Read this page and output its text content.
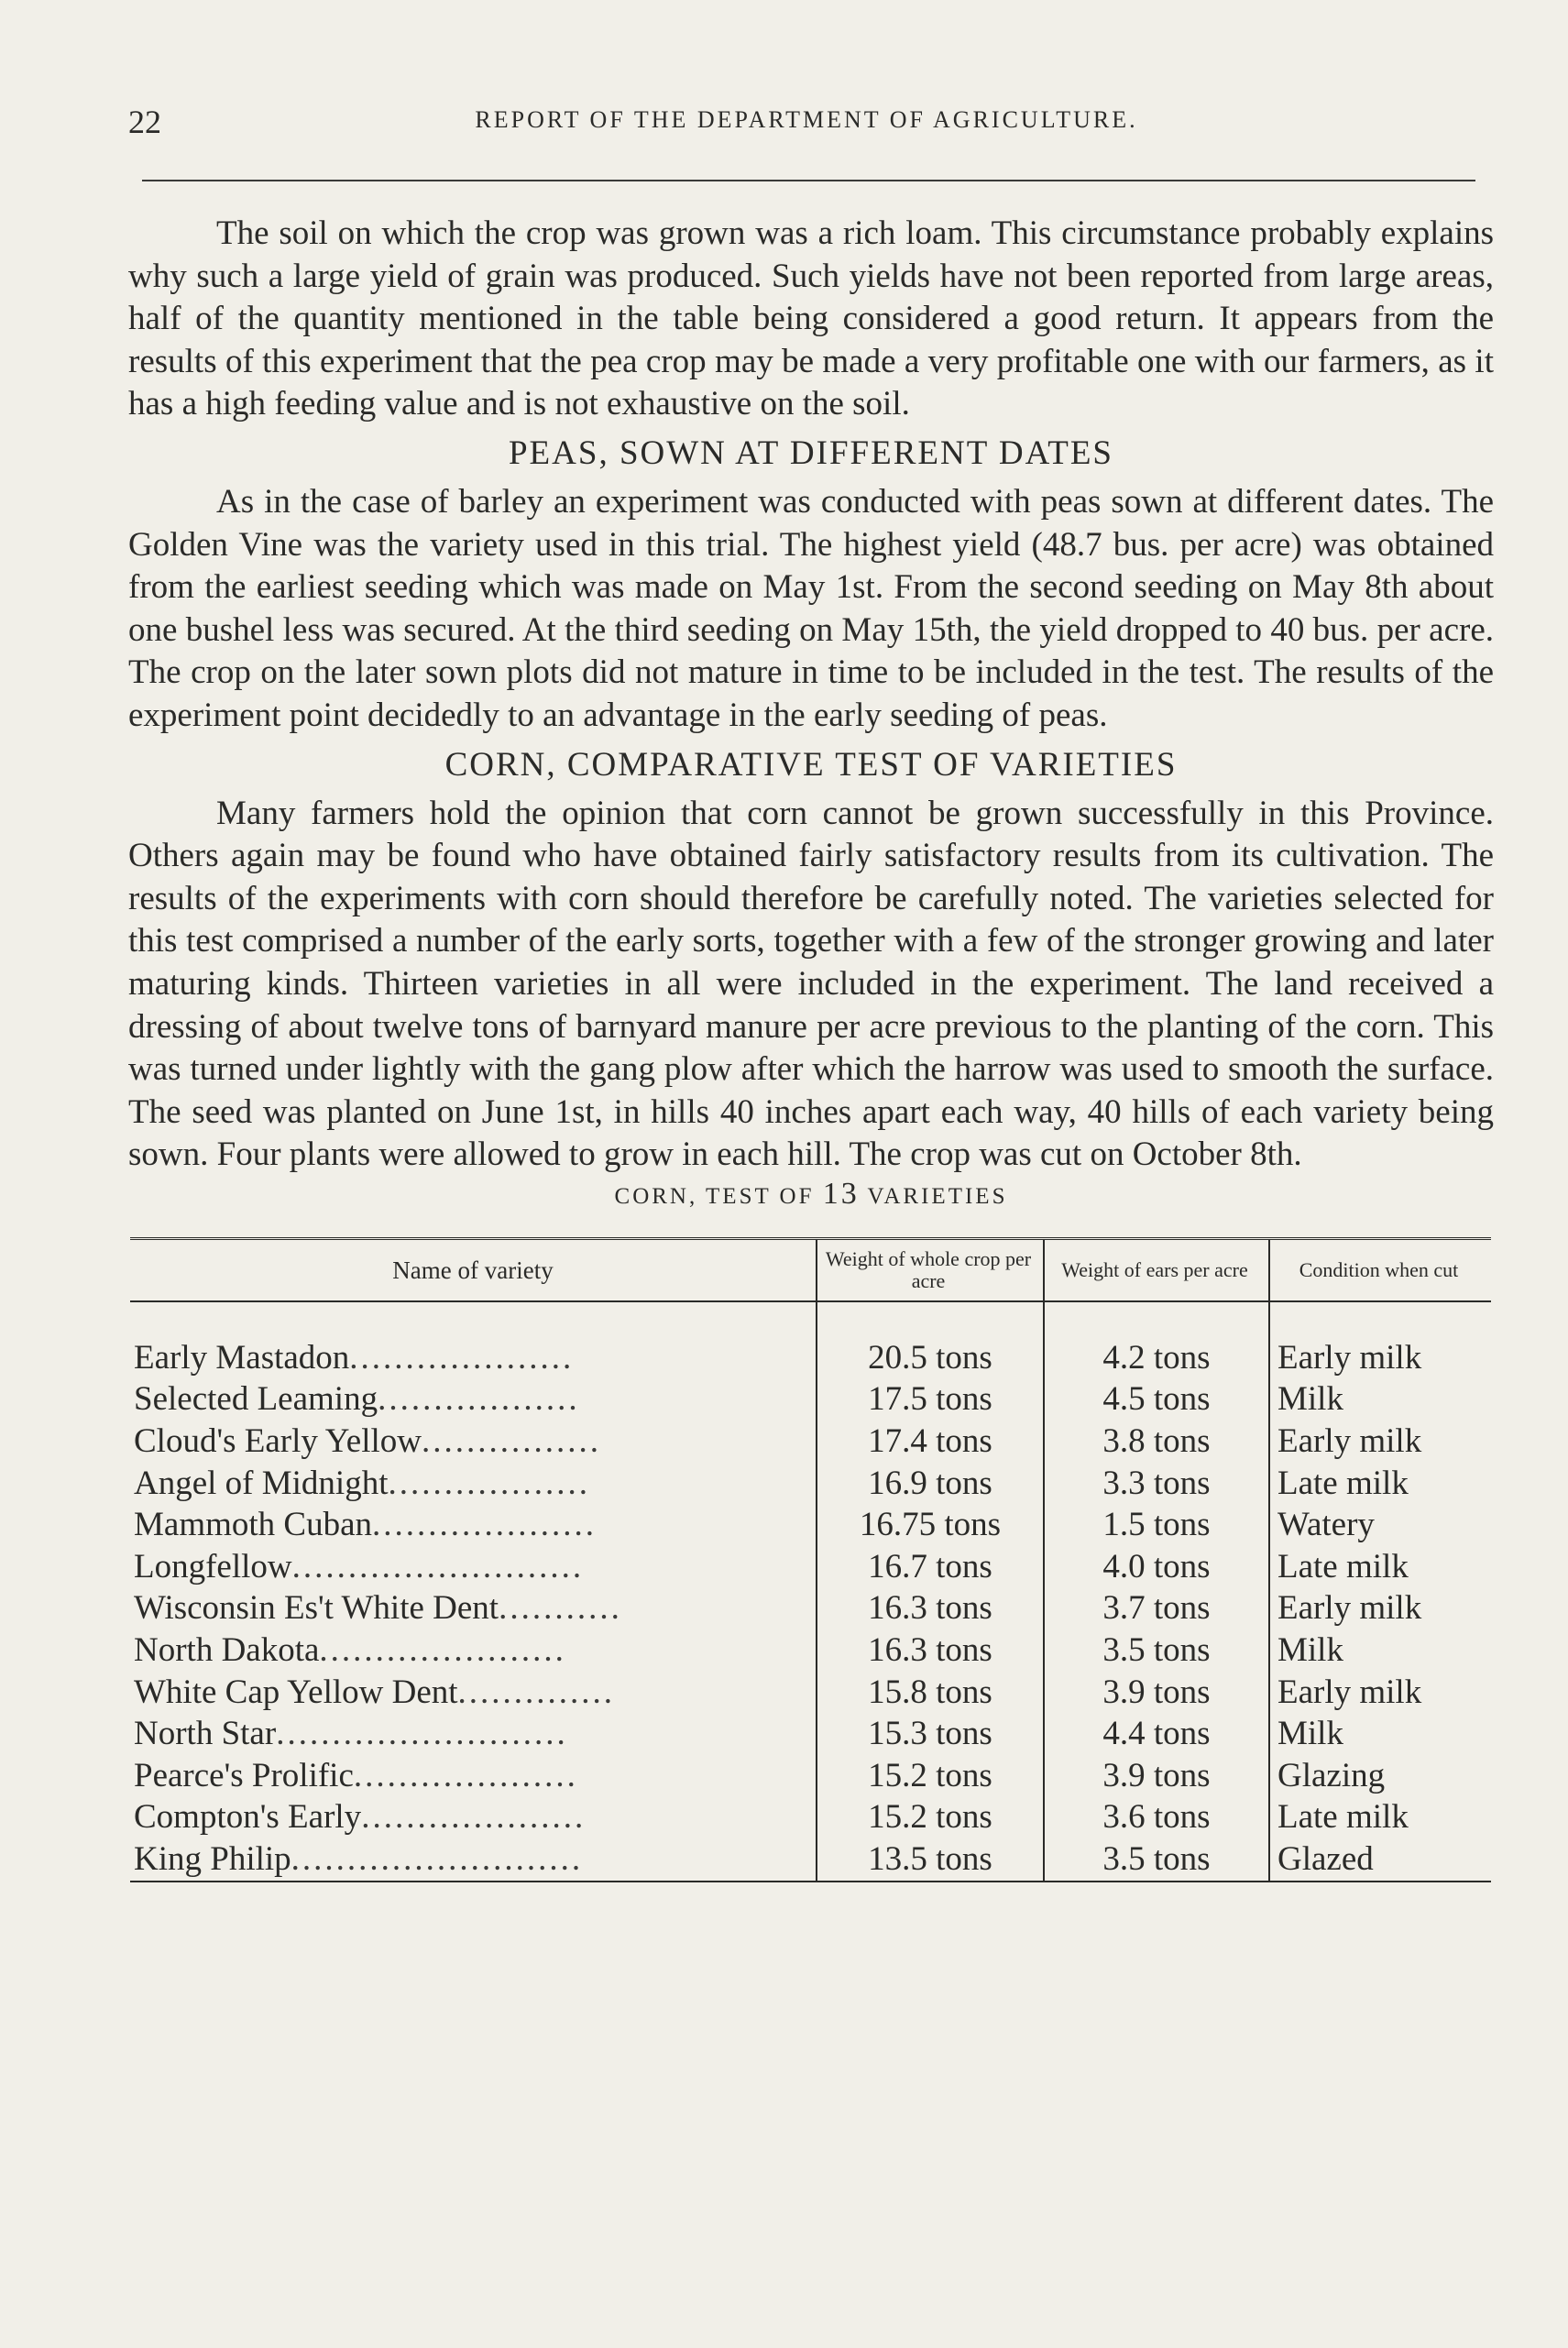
22	REPORT OF THE DEPARTMENT OF AGRICULTURE.

The soil on which the crop was grown was a rich loam. This circumstance probably explains why such a large yield of grain was produced. Such yields have not been reported from large areas, half of the quantity mentioned in the table being considered a good return. It appears from the results of this experiment that the pea crop may be made a very profitable one with our farmers, as it has a high feeding value and is not exhaustive on the soil.

PEAS, SOWN AT DIFFERENT DATES

As in the case of barley an experiment was conducted with peas sown at different dates. The Golden Vine was the variety used in this trial. The highest yield (48.7 bus. per acre) was obtained from the earliest seeding which was made on May 1st. From the second seeding on May 8th about one bushel less was secured. At the third seeding on May 15th, the yield dropped to 40 bus. per acre. The crop on the later sown plots did not mature in time to be included in the test. The results of the experiment point decidedly to an advantage in the early seeding of peas.

CORN, COMPARATIVE TEST OF VARIETIES

Many farmers hold the opinion that corn cannot be grown successfully in this Province. Others again may be found who have obtained fairly satisfactory results from its cultivation. The results of the experiments with corn should therefore be carefully noted. The varieties selected for this test comprised a number of the early sorts, together with a few of the stronger growing and later maturing kinds. Thirteen varieties in all were included in the experiment. The land received a dressing of about twelve tons of barnyard manure per acre previous to the planting of the corn. This was turned under lightly with the gang plow after which the harrow was used to smooth the surface. The seed was planted on June 1st, in hills 40 inches apart each way, 40 hills of each variety being sown. Four plants were allowed to grow in each hill. The crop was cut on October 8th.

CORN, TEST OF 13 VARIETIES
Name of variety	Weight of whole crop per acre	Weight of ears per acre	Condition when cut

Early Mastadon....................	20.5 tons	4.2 tons	Early milk
Selected Leaming..................	17.5 tons	4.5 tons	Milk
Cloud's Early Yellow................	17.4 tons	3.8 tons	Early milk
Angel of Midnight..................	16.9 tons	3.3 tons	Late milk
Mammoth Cuban....................	16.75 tons	1.5 tons	Watery
Longfellow..........................	16.7 tons	4.0 tons	Late milk
Wisconsin Es't White Dent...........	16.3 tons	3.7 tons	Early milk
North Dakota......................	16.3 tons	3.5 tons	Milk
White Cap Yellow Dent..............	15.8 tons	3.9 tons	Early milk
North Star..........................	15.3 tons	4.4 tons	Milk
Pearce's Prolific....................	15.2 tons	3.9 tons	Glazing
Compton's Early....................	15.2 tons	3.6 tons	Late milk
King Philip..........................	13.5 tons	3.5 tons	Glazed
